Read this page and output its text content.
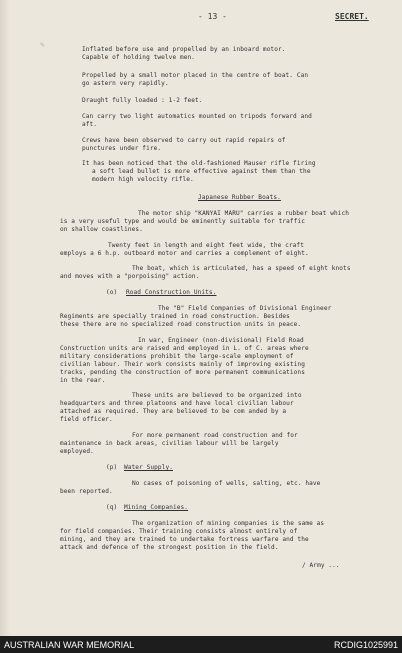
✎
- 13 -	SECRET.
Inflated before use and propelled by an inboard motor.
Capable of holding twelve men.
Propelled by a small motor placed in the centre of boat. Can
go astern very rapidly.
Draught fully loaded : 1-2 feet.
Can carry two light automatics mounted on tripods forward and
aft.
Crews have been observed to carry out rapid repairs of
punctures under fire.
It has been noticed that the old-fashioned Mauser rifle firing
a soft lead bullet is more effective against them than the
modern high velocity rifle.
Japanese Rubber Boats.
The motor ship "KANYAI MARU" carries a rubber boat which
is a very useful type and would be eminently suitable for traffic
on shallow coastlines.
Twenty feet in length and eight feet wide, the craft
employs a 6 h.p. outboard motor and carries a complement of eight.
The boat, which is articulated, has a speed of eight knots
and moves with a "porpoising" action.
(o) Road Construction Units.
The "B" Field Companies of Divisional Engineer
Regiments are specially trained in road construction. Besides
these there are no specialized road construction units in peace.
In war, Engineer (non-divisional) Field Road
Construction units are raised and employed in L. of C. areas where
military considerations prohibit the large-scale employment of
civilian labour. Their work consists mainly of improving existing
tracks, pending the construction of more permanent communications
in the rear.
These units are believed to be organized into
headquarters and three platoons and have local civilian labour
attached as required. They are believed to be com anded by a
field officer.
For more permanent road construction and for
maintenance in back areas, civilian labour will be largely
employed.
(p) Water Supply.
No cases of poisoning of wells, salting, etc. have
been reported.
(q) Mining Companies.
The organization of mining companies is the same as
for field companies. Their training consists almost entirely of
mining, and they are trained to undertake fortress warfare and the
attack and defence of the strongest position in the field.
/ Army ...
AUSTRALIAN WAR MEMORIAL	RCDIG1025991
